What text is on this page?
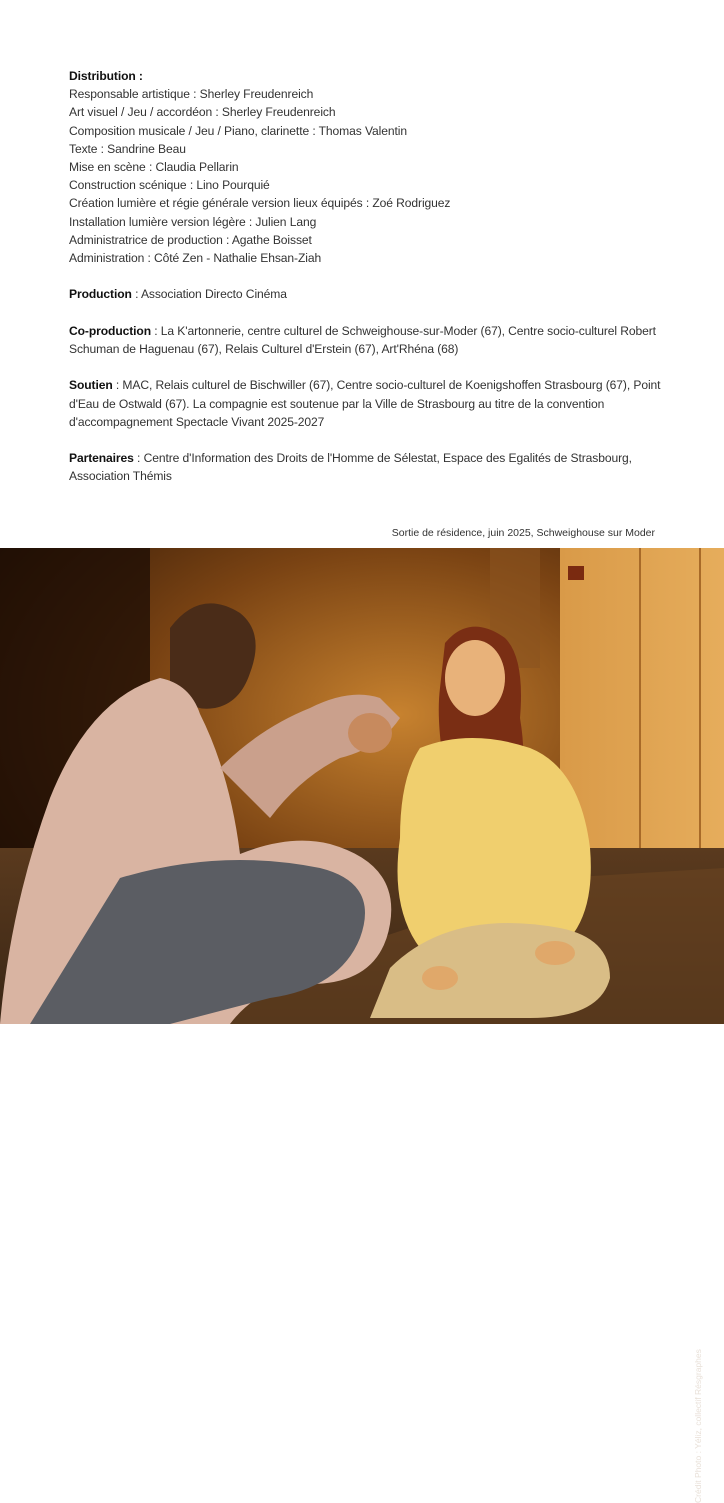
Distribution :

Responsable artistique : Sherley Freudenreich

Art visuel / Jeu / accordéon : Sherley Freudenreich

Composition musicale / Jeu / Piano, clarinette : Thomas Valentin

Texte : Sandrine Beau

Mise en scène : Claudia Pellarin

Construction scénique : Lino Pourquié

Création lumière et régie générale version lieux équipés : Zoé Rodriguez

Installation lumière version légère : Julien Lang

Administratrice de production : Agathe Boisset

Administration : Côté Zen - Nathalie Ehsan-Ziah

Production : Association Directo Cinéma

Co-production : La K'artonnerie, centre culturel de Schweighouse-sur-Moder (67), Centre socio-culturel Robert Schuman de Haguenau (67), Relais Culturel d'Erstein (67), Art'Rhéna (68)

Soutien : MAC, Relais culturel de Bischwiller (67), Centre socio-culturel de Koenigshoffen Strasbourg (67), Point d'Eau de Ostwald (67). La compagnie est soutenue par la Ville de Strasbourg au titre de la convention d'accompagnement Spectacle Vivant 2025-2027

Partenaires : Centre d'Information des Droits de l'Homme de Sélestat, Espace des Egalités de Strasbourg, Association Thémis

Sortie de résidence, juin 2025, Schweighouse sur Moder
Crédit Photo : Yéliz, collectif Résgraphes
